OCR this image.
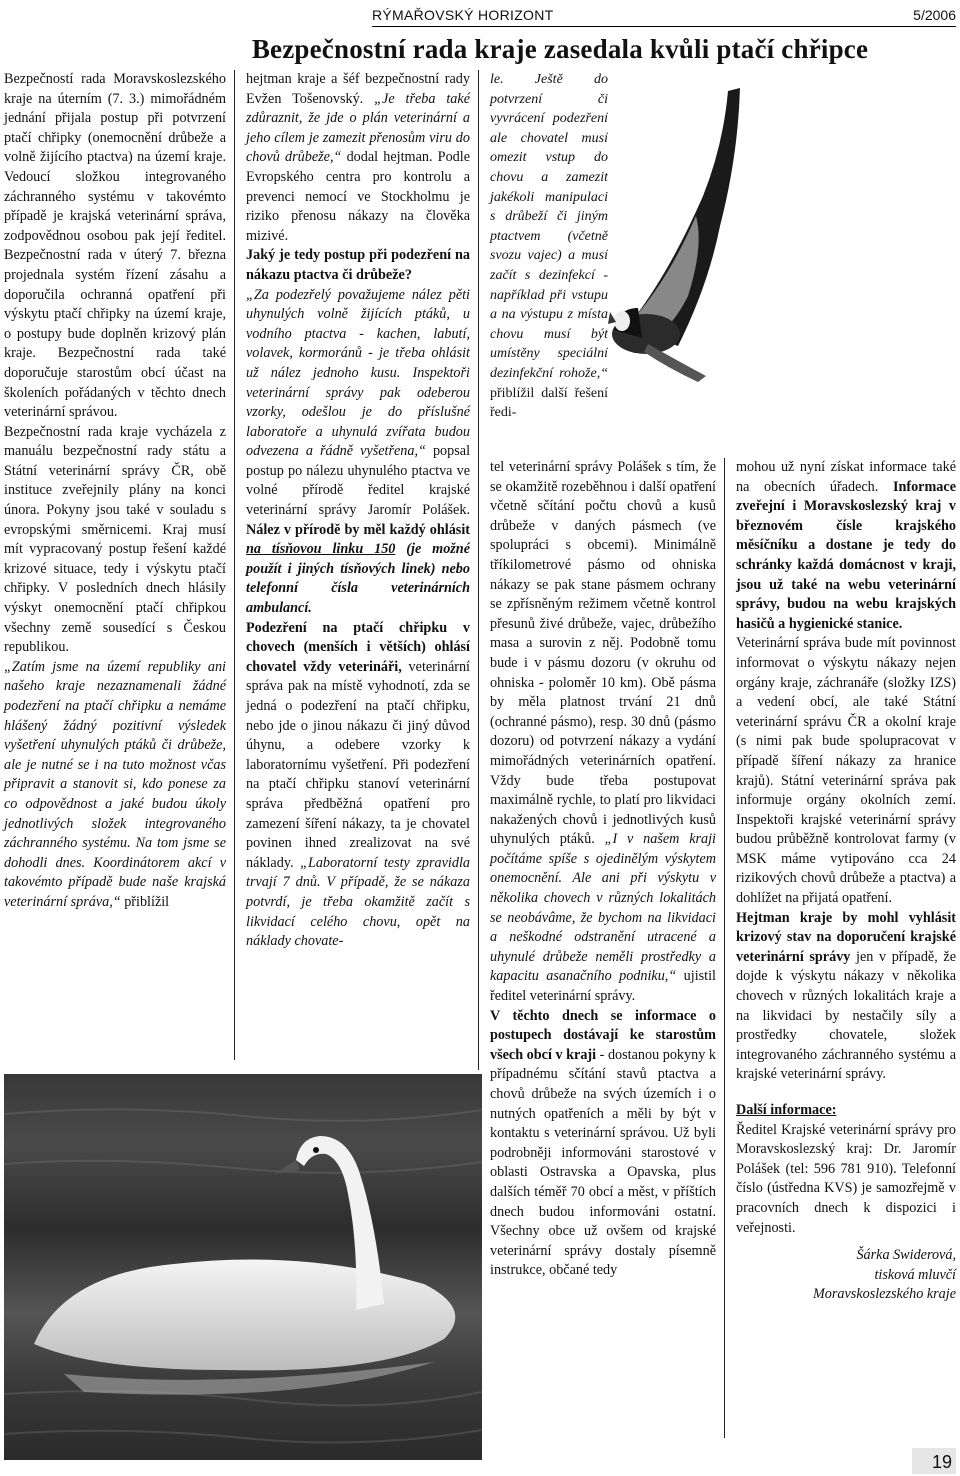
RÝMAŘOVSKÝ HORIZONT	5/2006
Bezpečnostní rada kraje zasedala kvůli ptačí chřipce

Bezpečností rada Moravskoslezského kraje na úterním (7. 3.) mimořádném jednání přijala postup při potvrzení ptačí chřipky (onemocnění drůbeže a volně žijícího ptactva) na území kraje. Vedoucí složkou integrovaného záchranného systému v takovémto případě je krajská veterinární správa, zodpovědnou osobou pak její ředitel. Bezpečnostní rada v úterý 7. března projednala systém řízení zásahu a doporučila ochranná opatření při výskytu ptačí chřipky na území kraje, o postupy bude doplněn krizový plán kraje. Bezpečnostní rada také doporučuje starostům obcí účast na školeních pořádaných v těchto dnech veterinární správou.

Bezpečnostní rada kraje vycházela z manuálu bezpečnostní rady státu a Státní veterinární správy ČR, obě instituce zveřejnily plány na konci února. Pokyny jsou také v souladu s evropskými směrnicemi. Kraj musí mít vypracovaný postup řešení každé krizové situace, tedy i výskytu ptačí chřipky. V posledních dnech hlásily výskyt onemocnění ptačí chřipkou všechny země sousedící s Českou republikou.

„Zatím jsme na území republiky ani našeho kraje nezaznamenali žádné podezření na ptačí chřipku a nemáme hlášený žádný pozitivní výsledek vyšetření uhynulých ptáků či drůbeže, ale je nutné se i na tuto možnost včas připravit a stanovit si, kdo ponese za co odpovědnost a jaké budou úkoly jednotlivých složek integrovaného záchranného systému. Na tom jsme se dohodli dnes. Koordinátorem akcí v takovémto případě bude naše krajská veterinární správa,“ přiblížil

hejtman kraje a šéf bezpečnostní rady Evžen Tošenovský. „Je třeba také zdůraznit, že jde o plán veterinární a jeho cílem je zamezit přenosům viru do chovů drůbeže,“ dodal hejtman. Podle Evropského centra pro kontrolu a prevenci nemocí ve Stockholmu je riziko přenosu nákazy na člověka mizivé.

Jaký je tedy postup při podezření na nákazu ptactva či drůbeže?

„Za podezřelý považujeme nález pěti uhynulých volně žijících ptáků, u vodního ptactva - kachen, labutí, volavek, kormoránů - je třeba ohlásit už nález jednoho kusu. Inspektoři veterinární správy pak odeberou vzorky, odešlou je do příslušné laboratoře a uhynulá zvířata budou odvezena a řádně vyšetřena,“ popsal postup po nálezu uhynulého ptactva ve volné přírodě ředitel krajské veterinární správy Jaromír Polášek. Nález v přírodě by měl každý ohlásit na tísňovou linku 150 (je možné použít i jiných tísňových linek) nebo telefonní čísla veterinárních ambulancí.

Podezření na ptačí chřipku v chovech (menších i větších) ohlásí chovatel vždy veterináři, veterinární správa pak na místě vyhodnotí, zda se jedná o podezření na ptačí chřipku, nebo jde o jinou nákazu či jiný důvod úhynu, a odebere vzorky k laboratornímu vyšetření. Při podezření na ptačí chřipku stanoví veterinární správa předběžná opatření pro zamezení šíření nákazy, ta je chovatel povinen ihned zrealizovat na své náklady. „Laboratorní testy zpravidla trvají 7 dnů. V případě, že se nákaza potvrdí, je třeba okamžitě začít s likvidací celého chovu, opět na náklady chovate-

le. Ještě do potvrzení či vyvrácení podezření ale chovatel musí omezit vstup do chovu a zamezit jakékoli manipulaci s drůbeží či jiným ptactvem (včetně svozu vajec) a musí začít s dezinfekcí - například při vstupu a na výstupu z místa chovu musí být umístěny speciální dezinfekční rohože,“ přiblížil další řešení ředi-

tel veterinární správy Polášek s tím, že se okamžitě rozeběhnou i další opatření včetně sčítání počtu chovů a kusů drůbeže v daných pásmech (ve spolupráci s obcemi). Minimálně tříkilometrové pásmo od ohniska nákazy se pak stane pásmem ochrany se zpřísněným režimem včetně kontrol přesunů živé drůbeže, vajec, drůbežího masa a surovin z něj. Podobně tomu bude i v pásmu dozoru (v okruhu od ohniska - poloměr 10 km). Obě pásma by měla platnost trvání 21 dnů (ochranné pásmo), resp. 30 dnů (pásmo dozoru) od potvrzení nákazy a vydání mimořádných veterinárních opatření. Vždy bude třeba postupovat maximálně rychle, to platí pro likvidaci nakažených chovů i jednotlivých kusů uhynulých ptáků. „I v našem kraji počítáme spíše s ojedinělým výskytem onemocnění. Ale ani při výskytu v několika chovech v různých lokalitách se neobávâme, že bychom na likvidaci a neškodné odstranění utracené a uhynulé drůbeže neměli prostředky a kapacitu asanačního podniku,“ ujistil ředitel veterinární správy.

V těchto dnech se informace o postupech dostávají ke starostům všech obcí v kraji - dostanou pokyny k případnému sčítání stavů ptactva a chovů drůbeže na svých územích i o nutných opatřeních a měli by být v kontaktu s veterinární správou. Už byli podrobněji informováni starostové v oblasti Ostravska a Opavska, plus dalších téměř 70 obcí a měst, v příštích dnech budou informováni ostatní. Všechny obce už ovšem od krajské veterinární správy dostaly písemně instrukce, občané tedy

mohou už nyní získat informace také na obecních úřadech. Informace zveřejní i Moravskoslezský kraj v březnovém čísle krajského měsíčníku a dostane je tedy do schránky každá domácnost v kraji, jsou už také na webu veterinární správy, budou na webu krajských hasičů a hygienické stanice.

Veterinární správa bude mít povinnost informovat o výskytu nákazy nejen orgány kraje, záchranáře (složky IZS) a vedení obcí, ale také Státní veterinární správu ČR a okolní kraje (s nimi pak bude spolupracovat v případě šíření nákazy za hranice krajů). Státní veterinární správa pak informuje orgány okolních zemí. Inspektoři krajské veterinární správy budou průběžně kontrolovat farmy (v MSK máme vytipováno cca 24 rizikových chovů drůbeže a ptactva) a dohlížet na přijatá opatření.

Hejtman kraje by mohl vyhlásit krizový stav na doporučení krajské veterinární správy jen v případě, že dojde k výskytu nákazy v několika chovech v různých lokalitách kraje a na likvidaci by nestačily síly a prostředky chovatele, složek integrovaného záchranného systému a krajské veterinární správy.

Další informace:

Ředitel Krajské veterinární správy pro Moravskoslezský kraj: Dr. Jaromír Polášek (tel: 596 781 910). Telefonní číslo (ústředna KVS) je samozřejmě v pracovních dnech k dispozici i veřejnosti.

Šárka Swiderová,

tisková mluvčí

Moravskoslezského kraje

19
